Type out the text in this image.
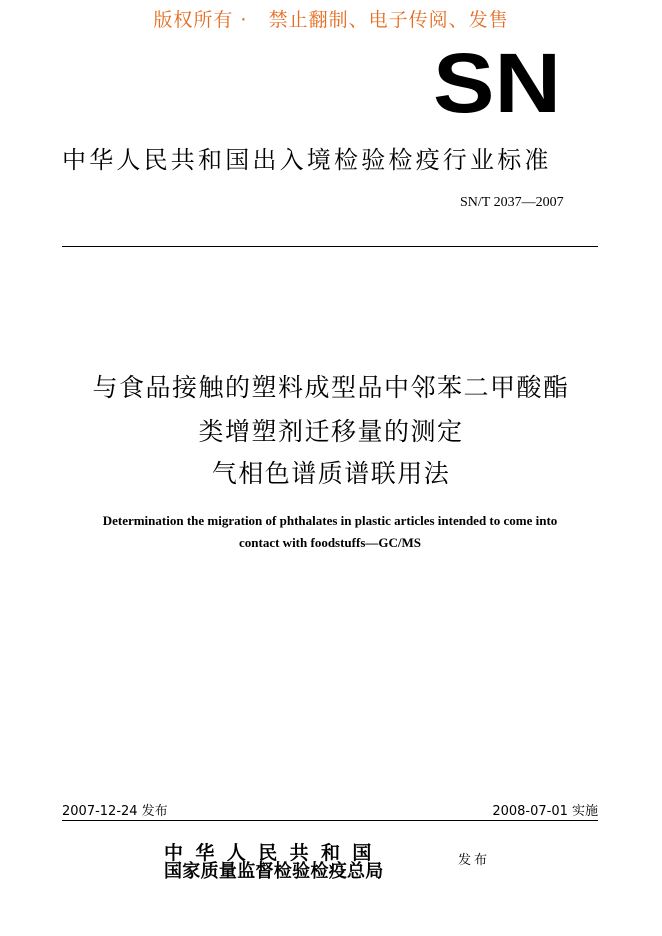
版权所有 ·   禁止翻制、电子传阅、发售
SN
中华人民共和国出入境检验检疫行业标准
SN/T 2037—2007
与食品接触的塑料成型品中邻苯二甲酸酯
类增塑剂迁移量的测定
气相色谱质谱联用法
Determination the migration of phthalates in plastic articles intended to come into
contact with foodstuffs—GC/MS
2007-12-24 发布	2008-07-01 实施
中华人民共和国
国家质量监督检验检疫总局
发布
